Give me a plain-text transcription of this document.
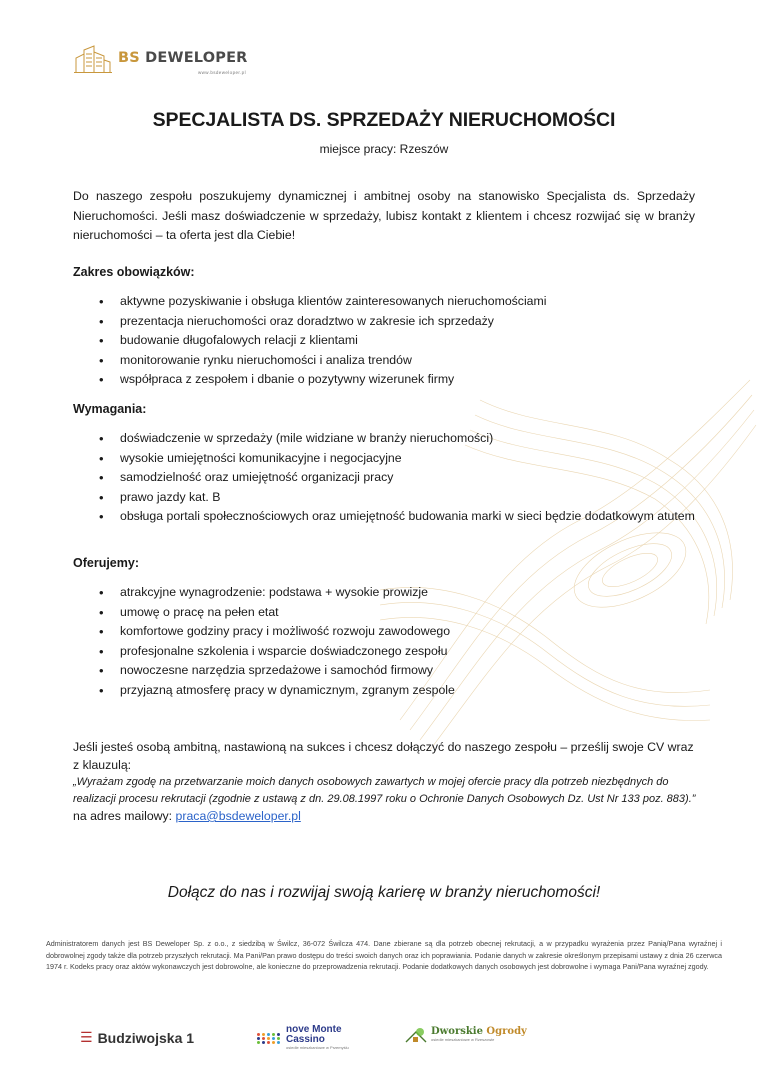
BS DEWELOPER
www.bsdeweloper.pl
SPECJALISTA DS. SPRZEDAŻY NIERUCHOMOŚCI
miejsce pracy: Rzeszów

Do naszego zespołu poszukujemy dynamicznej i ambitnej osoby na stanowisko Specjalista ds. Sprzedaży Nieruchomości. Jeśli masz doświadczenie w sprzedaży, lubisz kontakt z klientem i chcesz rozwijać się w branży nieruchomości – ta oferta jest dla Ciebie!

Zakres obowiązków:
• aktywne pozyskiwanie i obsługa klientów zainteresowanych nieruchomościami
• prezentacja nieruchomości oraz doradztwo w zakresie ich sprzedaży
• budowanie długofalowych relacji z klientami
• monitorowanie rynku nieruchomości i analiza trendów
• współpraca z zespołem i dbanie o pozytywny wizerunek firmy
Wymagania:
• doświadczenie w sprzedaży (mile widziane w branży nieruchomości)
• wysokie umiejętności komunikacyjne i negocjacyjne
• samodzielność oraz umiejętność organizacji pracy
• prawo jazdy kat. B
• obsługa portali społecznościowych oraz umiejętność budowania marki w sieci będzie dodatkowym atutem
Oferujemy:
• atrakcyjne wynagrodzenie: podstawa + wysokie prowizje
• umowę o pracę na pełen etat
• komfortowe godziny pracy i możliwość rozwoju zawodowego
• profesjonalne szkolenia i wsparcie doświadczonego zespołu
• nowoczesne narzędzia sprzedażowe i samochód firmowy
• przyjazną atmosferę pracy w dynamicznym, zgranym zespole
Jeśli jesteś osobą ambitną, nastawioną na sukces i chcesz dołączyć do naszego zespołu – prześlij swoje CV wraz z klauzulą:
„Wyrażam zgodę na przetwarzanie moich danych osobowych zawartych w mojej ofercie pracy dla potrzeb niezbędnych do realizacji procesu rekrutacji (zgodnie z ustawą z dn. 29.08.1997 roku o Ochronie Danych Osobowych Dz. Ust Nr 133 poz. 883).”
na adres mailowy: praca@bsdeweloper.pl
Dołącz do nas i rozwijaj swoją karierę w branży nieruchomości!
Administratorem danych jest BS Deweloper Sp. z o.o., z siedzibą w Świlcz, 36-072 Świlcza 474. Dane zbierane są dla potrzeb obecnej rekrutacji, a w przypadku wyrażenia przez Panią/Pana wyraźnej i dobrowolnej zgody także dla potrzeb przyszłych rekrutacji. Ma Pani/Pan prawo dostępu do treści swoich danych oraz ich poprawiania. Podanie danych w zakresie określonym przepisami ustawy z dnia 26 czerwca 1974 r. Kodeks pracy oraz aktów wykonawczych jest dobrowolne, ale konieczne do przeprowadzenia rekrutacji. Podanie dodatkowych danych osobowych jest dobrowolne i wymaga Pani/Pana wyraźnej zgody.
☰ Budziwojska 1	nove Monte
Cassino
osiedle mieszkaniowe w Przemyślu
Dworskie Ogrody
osiedle mieszkaniowe w Rzeszowie
